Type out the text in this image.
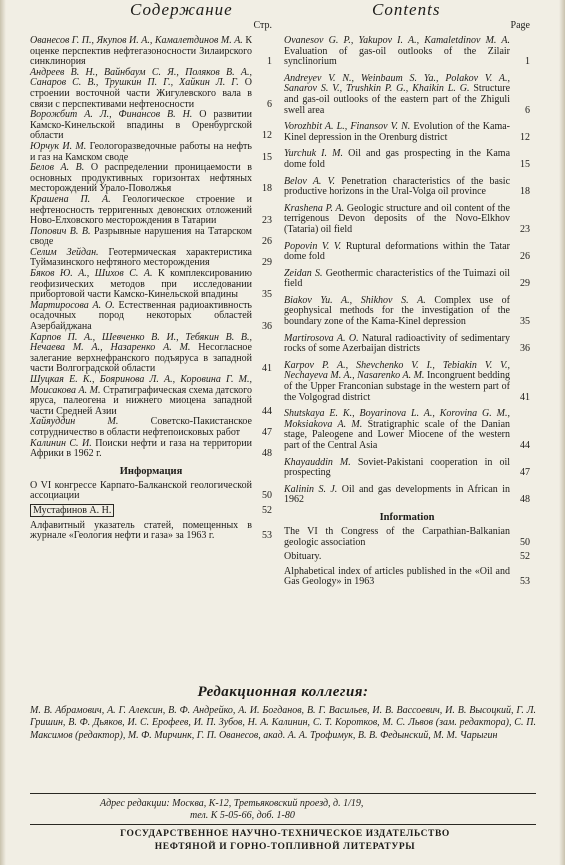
Содержание
Стр.
Ованесов Г. П., Якупов И. А., Камалетдинов М. А. К оценке перспектив нефтегазоносности Зилаирского синклинория	1
Андреев В. Н., Вайнбаум С. Я., Поляков В. А., Санаров С. В., Трушкин П. Г., Хайкин Л. Г. О строении восточной части Жигулевского вала в связи с перспективами нефтеносности	6
Ворожбит А. Л., Финансов В. Н. О развитии Камско-Кинельской впадины в Оренбургской области	12
Юрчук И. М. Геологоразведочные работы на нефть и газ на Камском своде	15
Белов А. В. О распределении проницаемости в основных продуктивных горизонтах нефтяных месторождений Урало-Поволжья	18
Крашена П. А. Геологическое строение и нефтеносность терригенных девонских отложений Ново-Елховского месторождения в Татарии	23
Попович В. В. Разрывные нарушения на Татарском своде	26
Селим Зейдан. Геотермическая характеристика Туймазинского нефтяного месторождения	29
Бяков Ю. А., Шихов С. А. К комплексированию геофизических методов при исследовании прибортовой части Камско-Кинельской впадины 35
Мартиросова А. О. Естественная радиоактивность осадочных пород некоторых областей Азербайджана	36
Карпов П. А., Шевченко В. И., Тебякин В. В., Нечаева М. А., Назаренко А. М. Несогласное залегание верхнефранского подъяруса в западной части Волгоградской области	41
Шуцкая Е. К., Бояринова Л. А., Коровина Г. М., Моисакова А. М. Стратиграфическая схема датского яруса, палеогена и нижнего миоцена западной части Средней Азии	44
Хайяуддин М.	Советско-Пакистанское сотрудничество в области нефтепоисковых работ 47
Калинин С. И. Поиски нефти и газа на территории Африки в 1962 г.	48
Информация
О VI конгрессе Карпато-Балканской геологической ассоциации	50
Мустафинов А. Н.	52
Алфавитный указатель статей, помещенных в журнале «Геология нефти и газа» за 1963 г.	53
Contents
Page
Ovanesov G. P., Yakupov I. A., Kamaletdinov M. A. Evaluation of gas-oil outlooks of the Zilair synclinorium	1
Andreyev V. N., Weinbaum S. Ya., Polakov V. A., Sanarov S. V., Trushkin P. G., Khaikin L. G. Structure and gas-oil outlooks of the eastern part of the Zhiguli swell area	6
Vorozhbit A. L., Finansov V. N. Evolution of the Kama-Kinel depression in the Orenburg district	12
Yurchuk I. M. Oil and gas prospecting in the Kama dome fold	15
Belov A. V. Penetration characteristics of the basic productive horizons in the Ural-Volga oil province	18
Krashena P. A. Geologic structure and oil content of the terrigenous Devon deposits of the Novo-Elkhov (Tataria) oil field	23
Popovin V. V. Ruptural deformations within the Tatar dome fold	26
Zeidan S. Geothermic characteristics of the Tuimazi oil field	29
Biakov Yu. A., Shikhov S. A. Complex use of geophysical methods for the investigation of the boundary zone of the Kama-Kinel depression	35
Martirosova A. O. Natural radioactivity of sedimentary rocks of some Azerbaijan districts	36
Karpov P. A., Shevchenko V. I., Tebiakin V. V., Nechayeva M. A., Nasarenko A. M. Incongruent bedding of the Upper Franconian substage in the western part of the Volgograd district	41
Shutskaya E. K., Boyarinova L. A., Korovina G. M., Moksiakova A. M. Stratigraphic scale of the Danian stage, Paleogene and Lower Miocene of the western part of the Central Asia	44
Khayauddin M. Soviet-Pakistani cooperation in oil prospecting	47
Kalinin S. J. Oil and gas developments in African in 1962	48
Information
The VI th Congress of the Carpathian-Balkanian geologic association	50
Obituary.	52
Alphabetical index of articles published in the «Oil and Gas Geology» in 1963	53
Редакционная коллегия:
М. В. Абрамович, А. Г. Алексин, В. Ф. Андрейко, А. И. Богданов, В. Г. Васильев, И. В. Вассоевич, И. В. Высоцкий, Г. Л. Гришин, В. Ф. Дьяков, И. С. Ерофеев, И. П. Зубов, Н. А. Калинин, С. Т. Коротков, М. С. Львов (зам. редактора), С. П. Максимов (редактор), М. Ф. Мирчинк, Г. П. Ованесов, акад. А. А. Трофимук, В. В. Федынский, М. М. Чарыгин
Адрес редакции: Москва, К-12, Третьяковский проезд, д. 1/19,
тел. К 5-05-66, доб. 1-80
ГОСУДАРСТВЕННОЕ НАУЧНО-ТЕХНИЧЕСКОЕ ИЗДАТЕЛЬСТВО
НЕФТЯНОЙ И ГОРНО-ТОПЛИВНОЙ ЛИТЕРАТУРЫ
